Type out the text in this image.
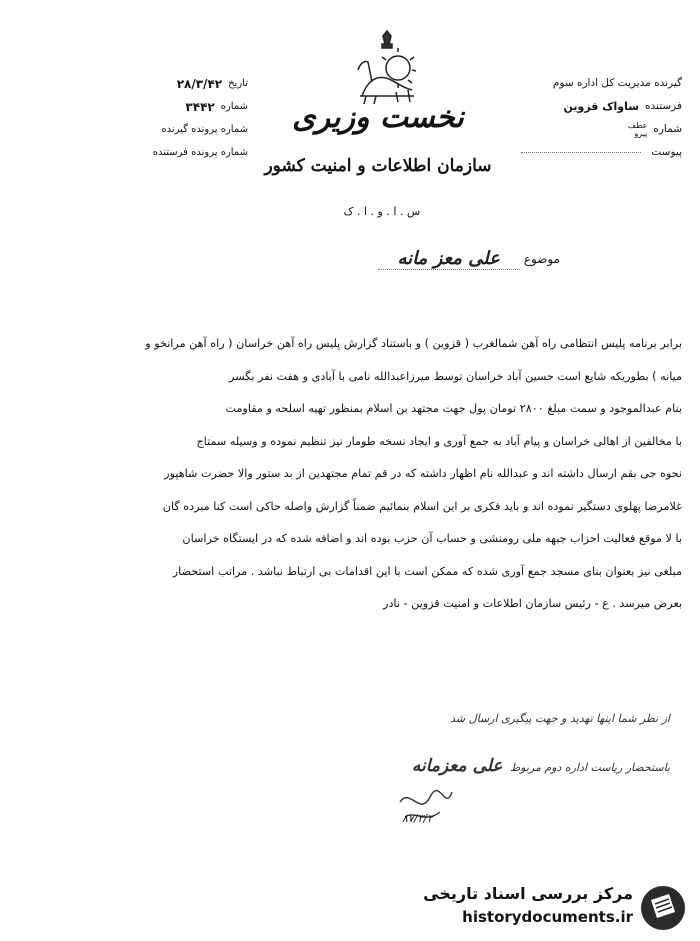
گیرنده مدیریت کل اداره سوم
فرستنده
ساواک قزوین
شماره
عطف
پیرو
پیوست
نخست وزیری
سازمان اطلاعات و امنیت کشور
س . ا . و . ا . ک
تاریخ
۲۸/۳/۴۲
شماره
۳۴۴۲
شماره پرونده گیرنده
شماره پرونده فرستنده
موضوع
علی معز مانه
برابر برنامه پلیس انتظامی راه آهن شمالغرب ( قزوین ) و باستناد گزارش پلیس راه آهن خراسان ( راه آهن مرانخو و
میانه ) بطوریکه شایع است حسین آباد خراسان توسط میرزاعبدالله نامی با آبادی و هفت نفر بگسر
بنام عبدالموجود و سمت مبلغ ۲۸۰۰ تومان پول جهت مجتهد بن اسلام بمنظور تهیه اسلحه و مقاومت
با مخالفین از اهالی خراسان و پیام آباد به جمع آوری و ایجاد نسخه طومار نیز تنظیم نموده و وسیله سمتاج
نحوه جی بقم ارسال داشته اند و عبدالله نام اظهار داشته که در قم تمام مجتهدین از بد ستور والا حضرت شاهپور
غلامرضا پهلوی دستگیر نموده اند و باید فکری بر این اسلام بنمائیم ضمناً گزارش واصله حاکی است کنا مبرده گان
با لا موقع فعالیت احزاب جبهه ملی رومنشی و حساب آن حزب بوده اند و اضافه شده که در ایستگاه خراسان
مبلغی نیز بعنوان بنای مسجد جمع آوری شده که ممکن است با این اقدامات بی ارتباط نباشد . مراتب استحضار
بعرض میرسد . ع - رئیس سازمان اطلاعات و امنیت قزوین - نادر
از نظر شما اینها تهدید و جهت پیگیری ارسال شد
باستحضار ریاست اداره دوم مربوط علی معزمانه
۸۷/۳/۲
مرکز بررسی اسناد تاریخی
historydocuments.ir
